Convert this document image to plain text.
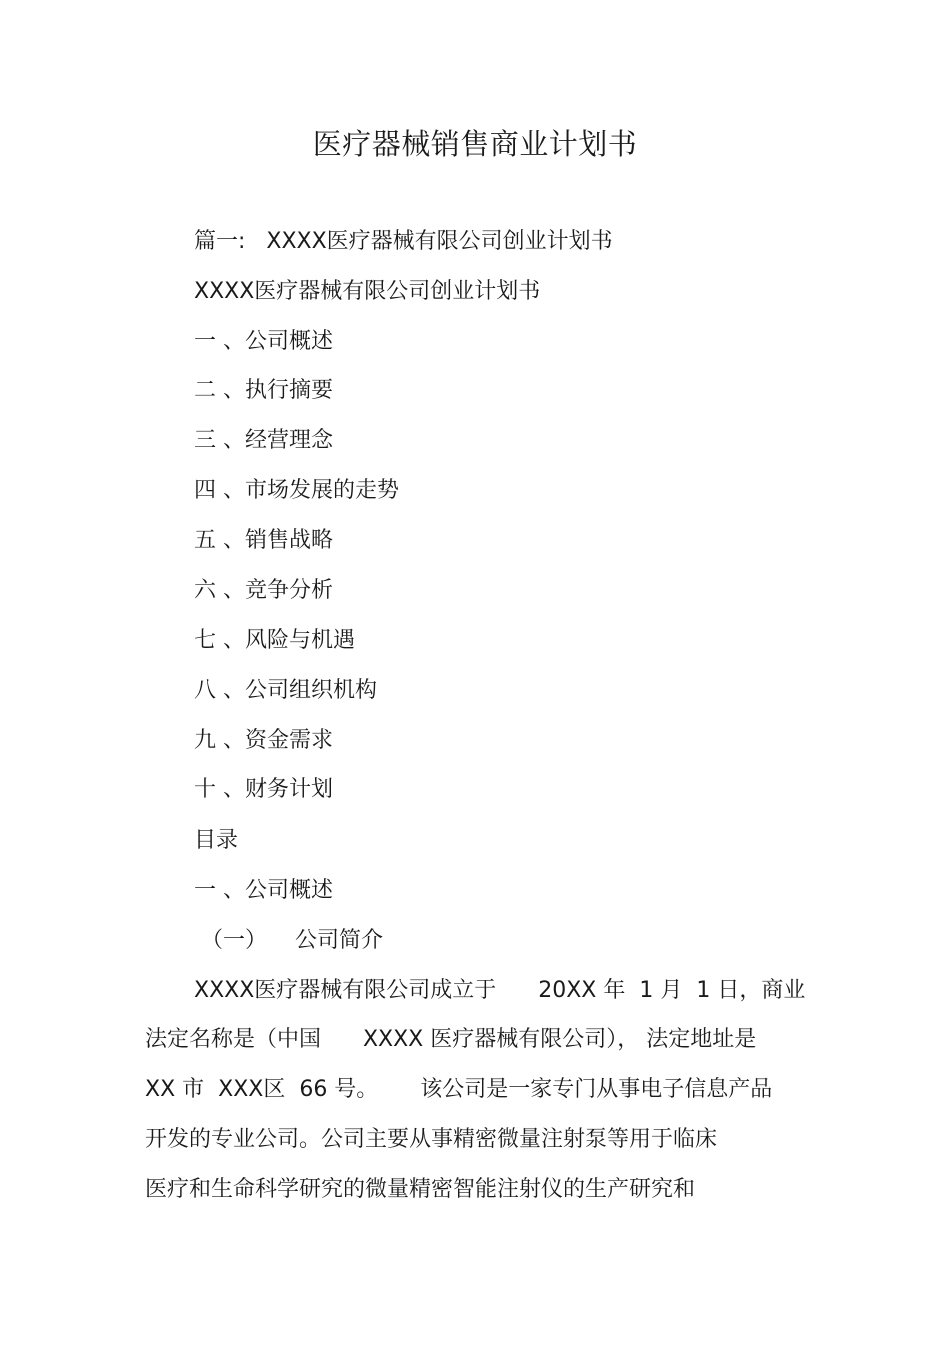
医疗器械销售商业计划书
篇一:   XXXX医疗器械有限公司创业计划书
XXXX医疗器械有限公司创业计划书
一 、公司概述
二 、执行摘要
三 、经营理念
四 、市场发展的走势
五 、销售战略
六 、竞争分析
七 、风险与机遇
八 、公司组织机构
九 、资金需求
十 、财务计划
目录
一 、公司概述
（一）    公司简介
XXXX医疗器械有限公司成立于      20XX 年  1 月  1 日，商业
法定名称是（中国      XXXX 医疗器械有限公司）， 法定地址是
XX 市  XXX区  66 号。      该公司是一家专门从事电子信息产品
开发的专业公司。公司主要从事精密微量注射泵等用于临床
医疗和生命科学研究的微量精密智能注射仪的生产研究和
